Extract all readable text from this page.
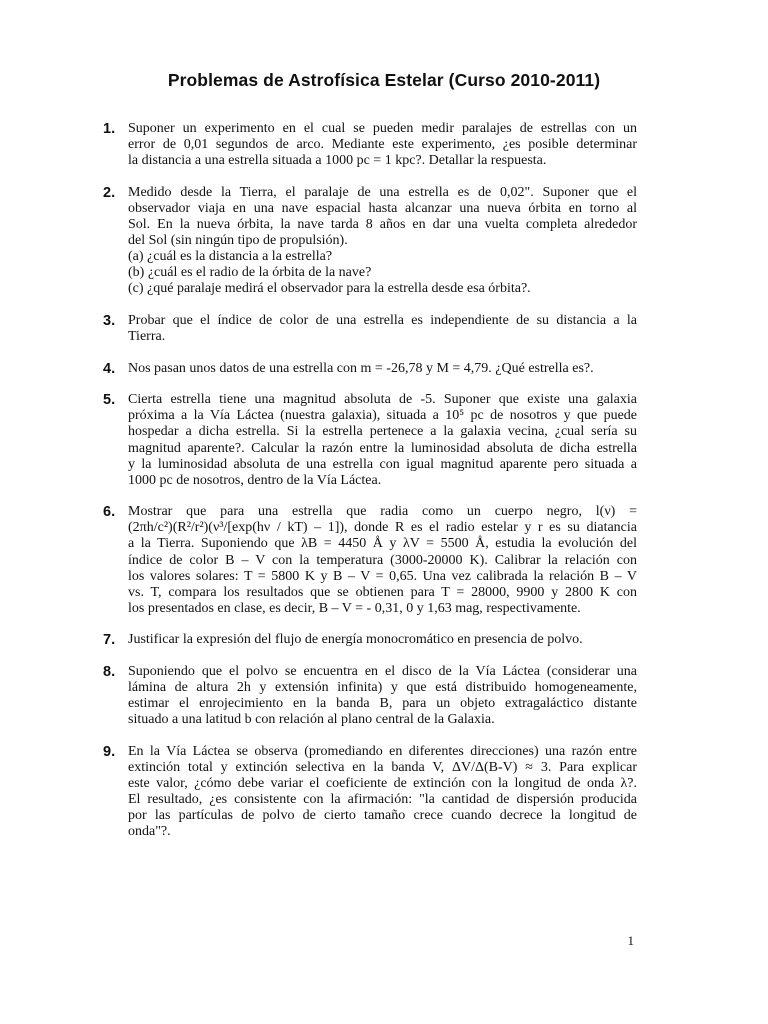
Problemas de Astrofísica Estelar (Curso 2010-2011)
1. Suponer un experimento en el cual se pueden medir paralajes de estrellas con un
error de 0,01 segundos de arco. Mediante este experimento, ¿es posible determinar
la distancia a una estrella situada a 1000 pc = 1 kpc?. Detallar la respuesta.
2. Medido desde la Tierra, el paralaje de una estrella es de 0,02". Suponer que el
observador viaja en una nave espacial hasta alcanzar una nueva órbita en torno al
Sol. En la nueva órbita, la nave tarda 8 años en dar una vuelta completa alrededor
del Sol (sin ningún tipo de propulsión).
(a) ¿cuál es la distancia a la estrella?
(b) ¿cuál es el radio de la órbita de la nave?
(c) ¿qué paralaje medirá el observador para la estrella desde esa órbita?.
3. Probar que el índice de color de una estrella es independiente de su distancia a la
Tierra.
4. Nos pasan unos datos de una estrella con m = -26,78 y M = 4,79. ¿Qué estrella es?.
5. Cierta estrella tiene una magnitud absoluta de -5. Suponer que existe una galaxia
próxima a la Vía Láctea (nuestra galaxia), situada a 10⁵ pc de nosotros y que puede
hospedar a dicha estrella. Si la estrella pertenece a la galaxia vecina, ¿cual sería su
magnitud aparente?. Calcular la razón entre la luminosidad absoluta de dicha estrella
y la luminosidad absoluta de una estrella con igual magnitud aparente pero situada a
1000 pc de nosotros, dentro de la Vía Láctea.
6. Mostrar que para una estrella que radia como un cuerpo negro, l(ν) =
(2πh/c²)(R²/r²)(ν³/[exp(hν / kT) – 1]), donde R es el radio estelar y r es su diatancia
a la Tierra. Suponiendo que λB = 4450 Å y λV = 5500 Å, estudia la evolución del
índice de color B – V con la temperatura (3000-20000 K). Calibrar la relación con
los valores solares: T = 5800 K y B – V = 0,65. Una vez calibrada la relación B – V
vs. T, compara los resultados que se obtienen para T = 28000, 9900 y 2800 K con
los presentados en clase, es decir, B – V = - 0,31, 0 y 1,63 mag, respectivamente.
7. Justificar la expresión del flujo de energía monocromático en presencia de polvo.
8. Suponiendo que el polvo se encuentra en el disco de la Vía Láctea (considerar una
lámina de altura 2h y extensión infinita) y que está distribuido homogeneamente,
estimar el enrojecimiento en la banda B, para un objeto extragaláctico distante
situado a una latitud b con relación al plano central de la Galaxia.
9. En la Vía Láctea se observa (promediando en diferentes direcciones) una razón entre
extinción total y extinción selectiva en la banda V, ΔV/Δ(B-V) ≈ 3. Para explicar
este valor, ¿cómo debe variar el coeficiente de extinción con la longitud de onda λ?.
El resultado, ¿es consistente con la afirmación: "la cantidad de dispersión producida
por las partículas de polvo de cierto tamaño crece cuando decrece la longitud de
onda"?.
1
